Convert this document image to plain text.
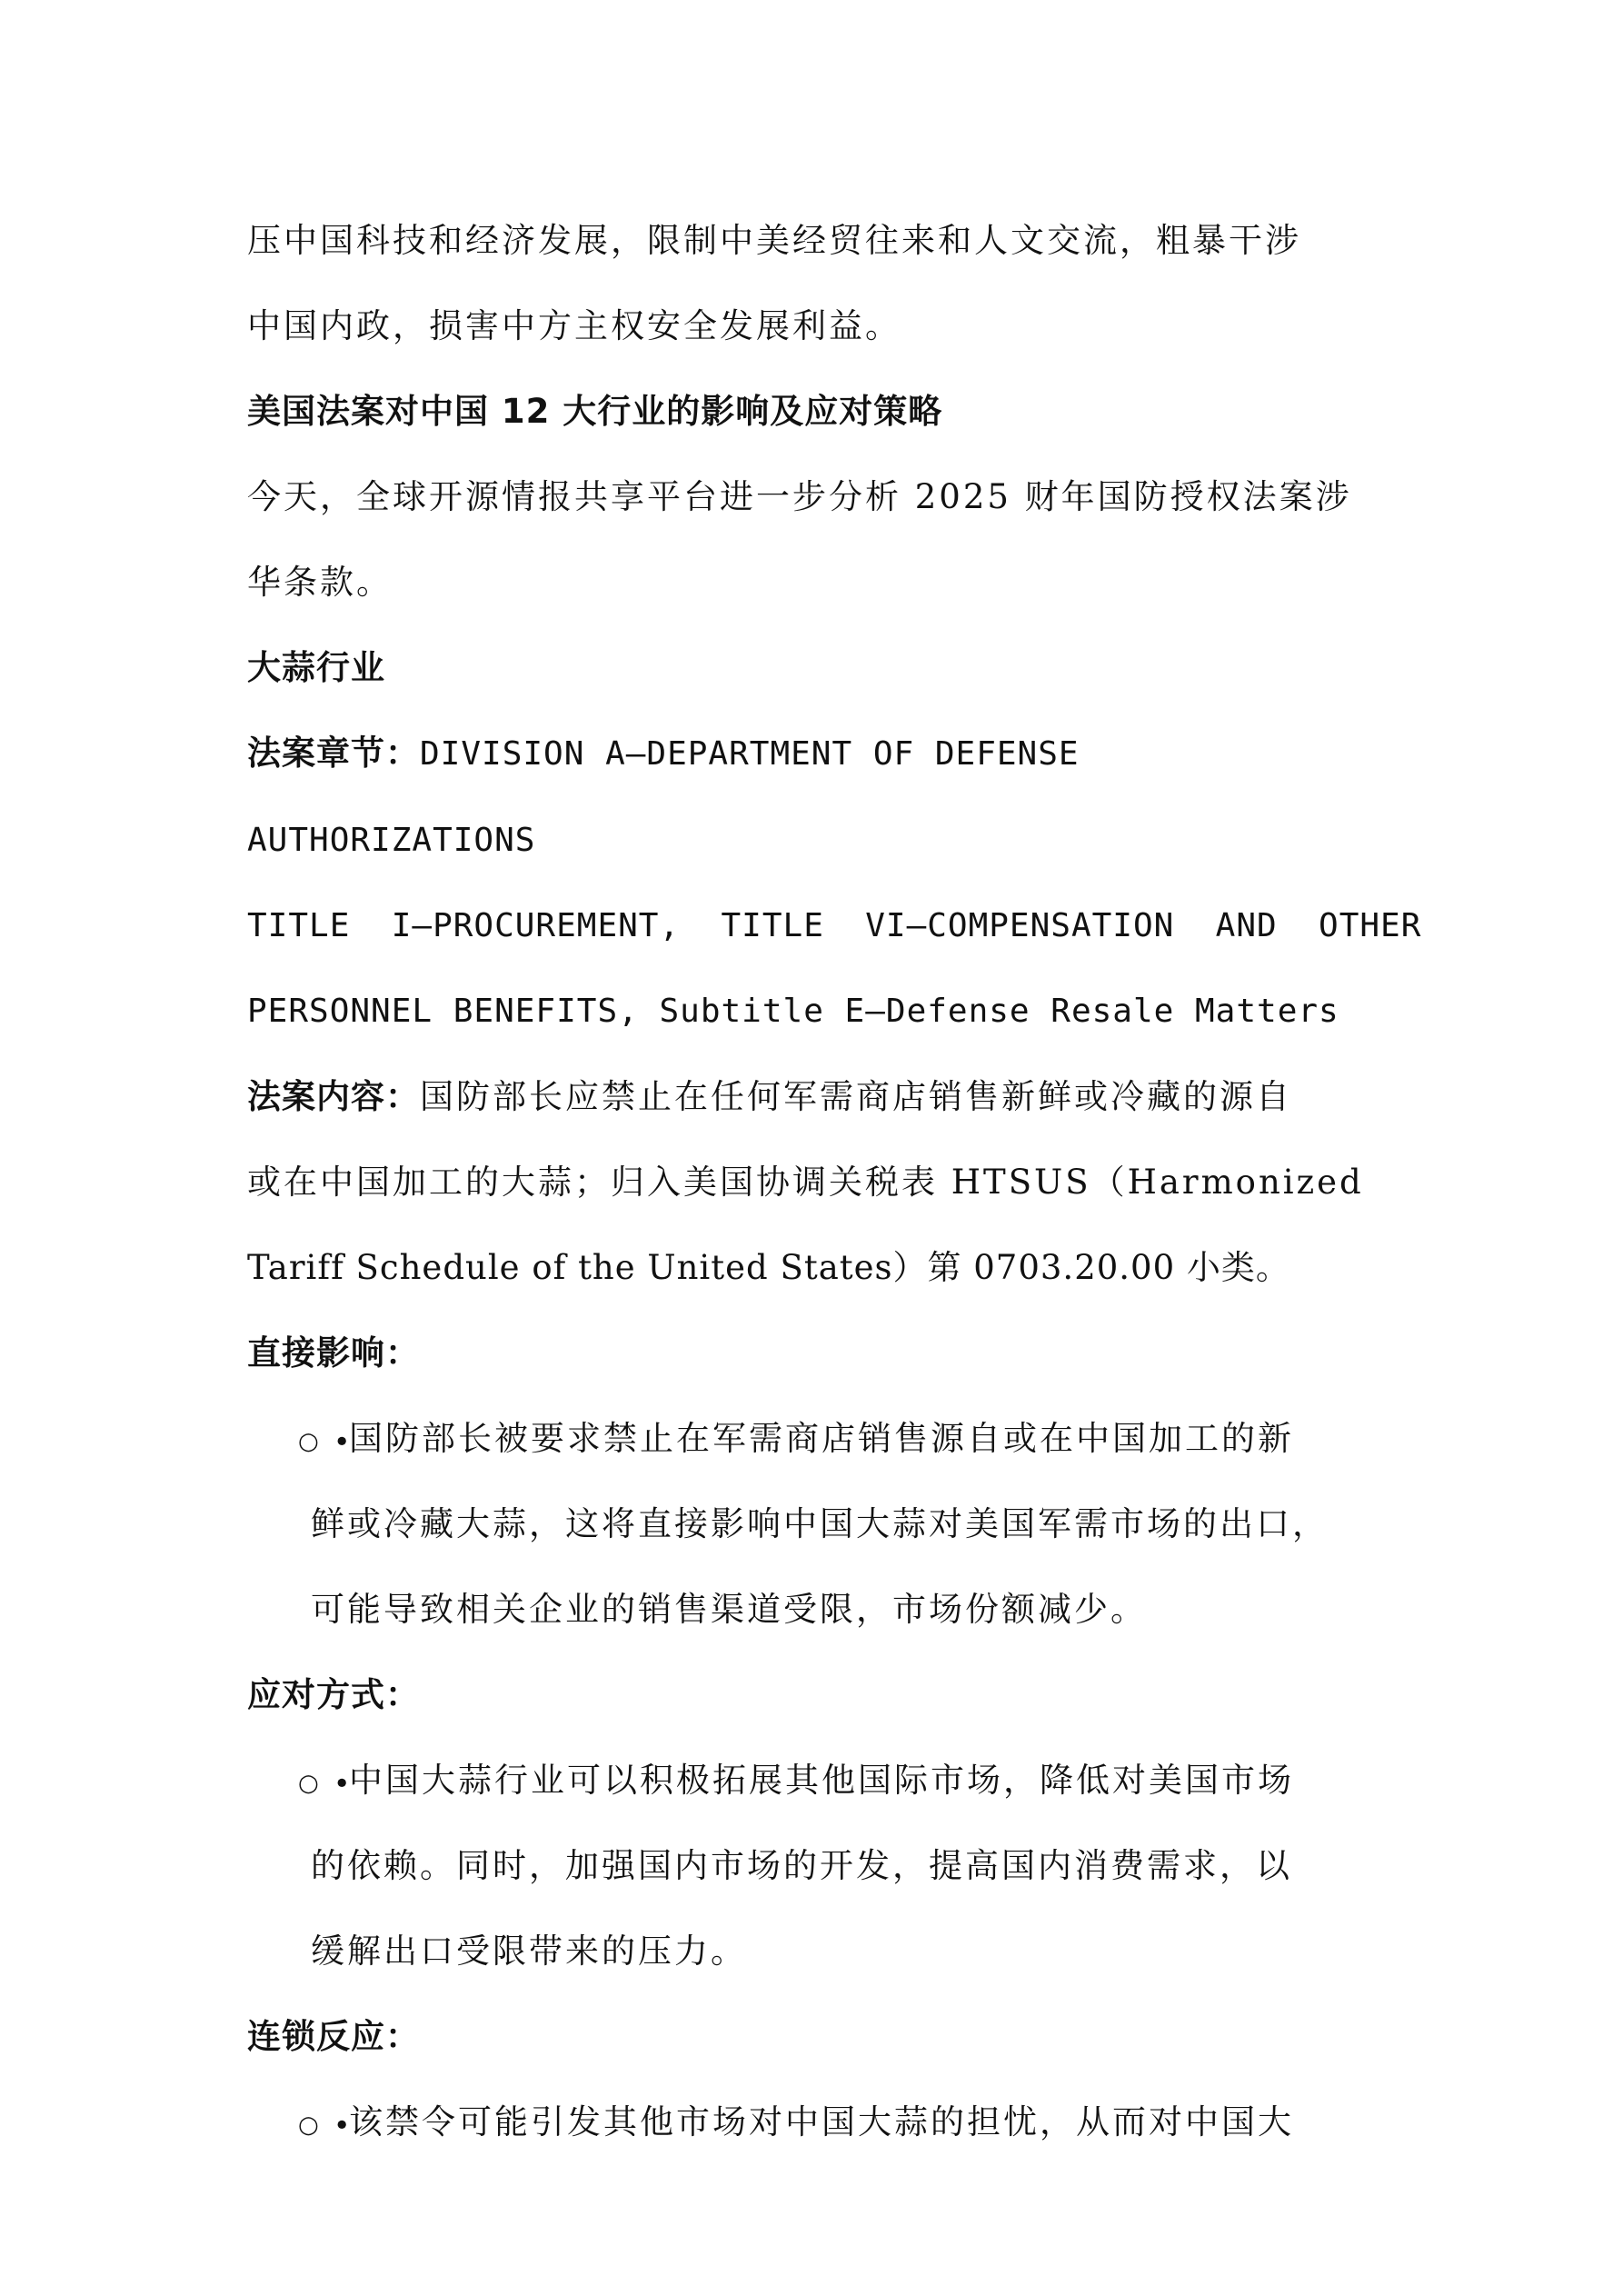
压中国科技和经济发展，限制中美经贸往来和人文交流，粗暴干涉

中国内政，损害中方主权安全发展利益。

美国法案对中国 12 大行业的影响及应对策略

今天，全球开源情报共享平台进一步分析 2025 财年国防授权法案涉

华条款。

大蒜行业

法案章节：DIVISION A—DEPARTMENT OF DEFENSE AUTHORIZATIONS

TITLE  I—PROCUREMENT,  TITLE  VI—COMPENSATION  AND  OTHER

PERSONNEL BENEFITS, Subtitle E—Defense Resale Matters

法案内容：国防部长应禁止在任何军需商店销售新鲜或冷藏的源自

或在中国加工的大蒜；归入美国协调关税表 HTSUS（Harmonized

Tariff Schedule of the United States）第 0703.20.00 小类。

直接影响：

○ •

国防部长被要求禁止在军需商店销售源自或在中国加工的新

鲜或冷藏大蒜，这将直接影响中国大蒜对美国军需市场的出口，

可能导致相关企业的销售渠道受限，市场份额减少。

应对方式：

○ •

中国大蒜行业可以积极拓展其他国际市场，降低对美国市场

的依赖。同时，加强国内市场的开发，提高国内消费需求，以

缓解出口受限带来的压力。

连锁反应：

○ •

该禁令可能引发其他市场对中国大蒜的担忧，从而对中国大
